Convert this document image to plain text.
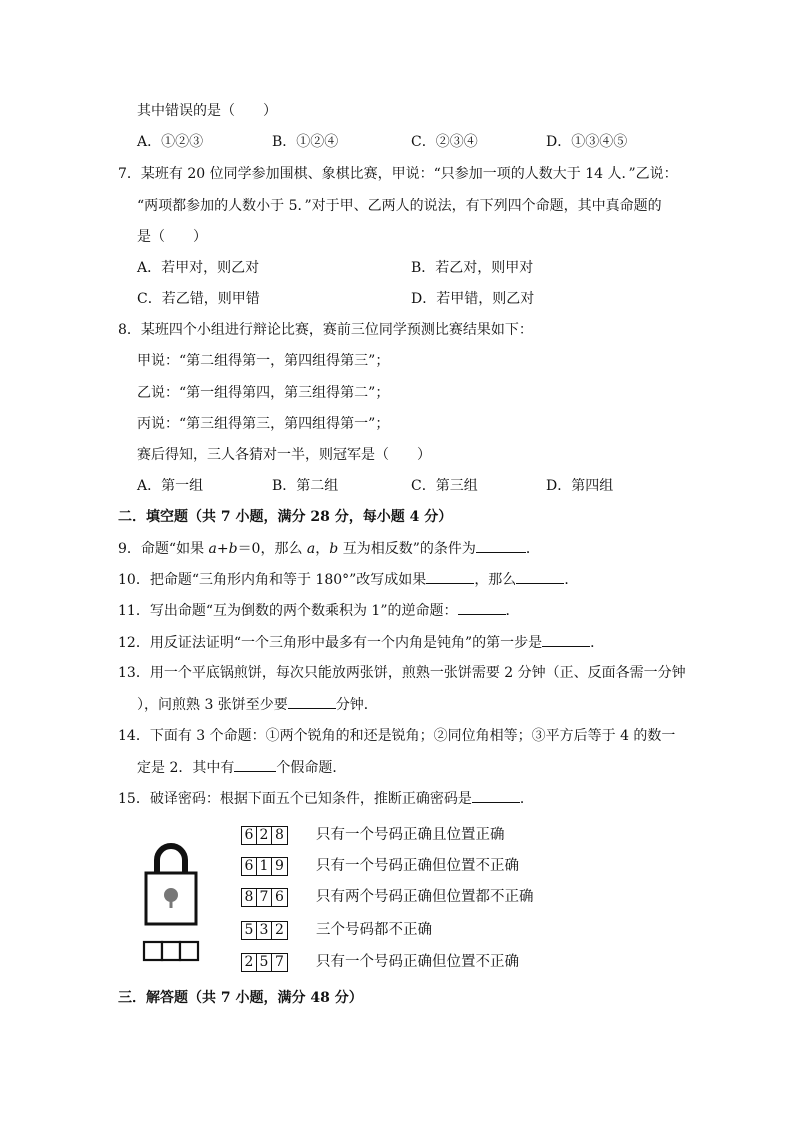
其中错误的是（　　）
A．①②③	B．①②④	C．②③④	D．①③④⑤
7．某班有 20 位同学参加围棋、象棋比赛，甲说：“只参加一项的人数大于 14 人．”乙说：
“两项都参加的人数小于 5．”对于甲、乙两人的说法，有下列四个命题，其中真命题的
是（　　）
A．若甲对，则乙对	B．若乙对，则甲对
C．若乙错，则甲错	D．若甲错，则乙对
8．某班四个小组进行辩论比赛，赛前三位同学预测比赛结果如下：
甲说：“第二组得第一，第四组得第三”；
乙说：“第一组得第四，第三组得第二”；
丙说：“第三组得第三，第四组得第一”；
赛后得知，三人各猜对一半，则冠军是（　　）
A．第一组	B．第二组	C．第三组	D．第四组
二．填空题（共 7 小题，满分 28 分，每小题 4 分）
9．命题“如果 a+b＝0，那么 a，b 互为相反数”的条件为	．
10．把命题“三角形内角和等于 180°”改写成如果	，那么	．
11．写出命题“互为倒数的两个数乘积为 1”的逆命题：	．
12．用反证法证明“一个三角形中最多有一个内角是钝角”的第一步是	．
13．用一个平底锅煎饼，每次只能放两张饼，煎熟一张饼需要 2 分钟（正、反面各需一分钟
），问煎熟 3 张饼至少要	分钟．
14．下面有 3 个命题：①两个锐角的和还是锐角；②同位角相等；③平方后等于 4 的数一
定是 2．其中有	个假命题．
15．破译密码：根据下面五个已知条件，推断正确密码是	．
6 2 8 只有一个号码正确且位置正确
6 1 9 只有一个号码正确但位置不正确
8 7 6 只有两个号码正确但位置都不正确
5 3 2 三个号码都不正确
2 5 7 只有一个号码正确但位置不正确
三．解答题（共 7 小题，满分 48 分）
